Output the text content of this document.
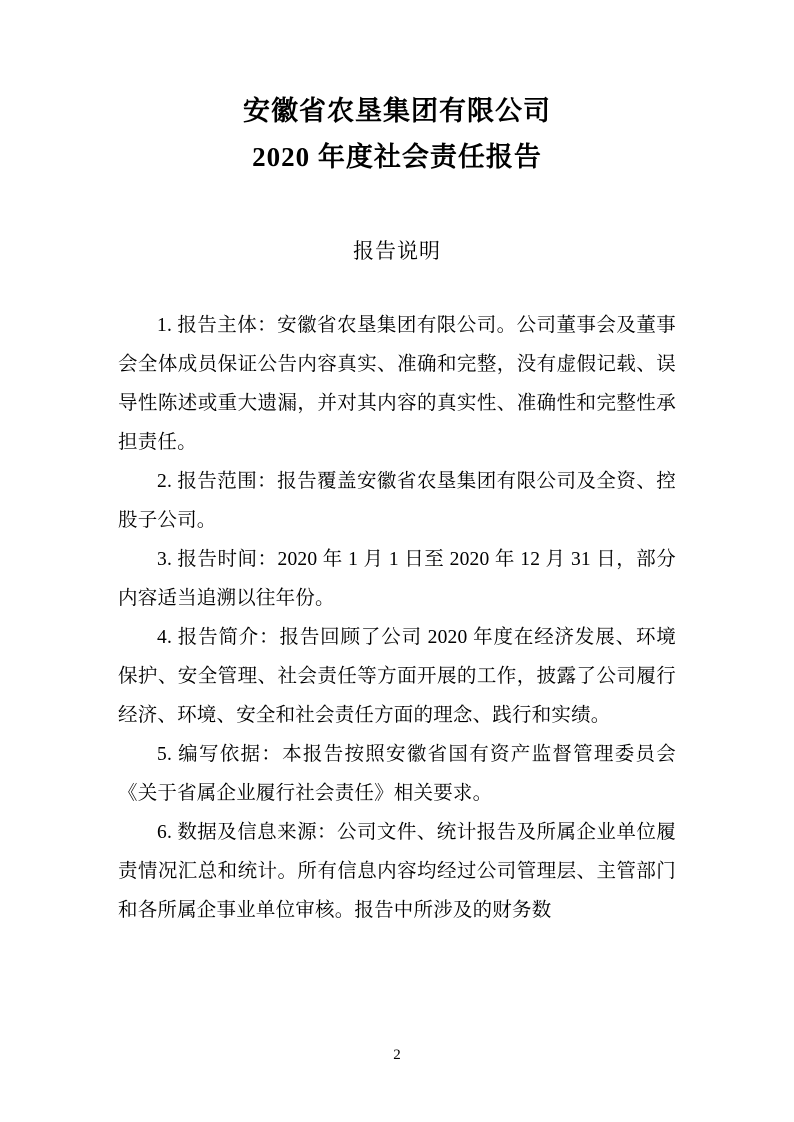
安徽省农垦集团有限公司
2020 年度社会责任报告
报告说明

1. 报告主体：安徽省农垦集团有限公司。公司董事会及董事会全体成员保证公告内容真实、准确和完整，没有虚假记载、误导性陈述或重大遗漏，并对其内容的真实性、准确性和完整性承担责任。

2. 报告范围：报告覆盖安徽省农垦集团有限公司及全资、控股子公司。

3. 报告时间：2020 年 1 月 1 日至 2020 年 12 月 31 日，部分内容适当追溯以往年份。

4. 报告简介：报告回顾了公司 2020 年度在经济发展、环境保护、安全管理、社会责任等方面开展的工作，披露了公司履行经济、环境、安全和社会责任方面的理念、践行和实绩。

5. 编写依据：本报告按照安徽省国有资产监督管理委员会《关于省属企业履行社会责任》相关要求。

6. 数据及信息来源：公司文件、统计报告及所属企业单位履责情况汇总和统计。所有信息内容均经过公司管理层、主管部门和各所属企事业单位审核。报告中所涉及的财务数

2
